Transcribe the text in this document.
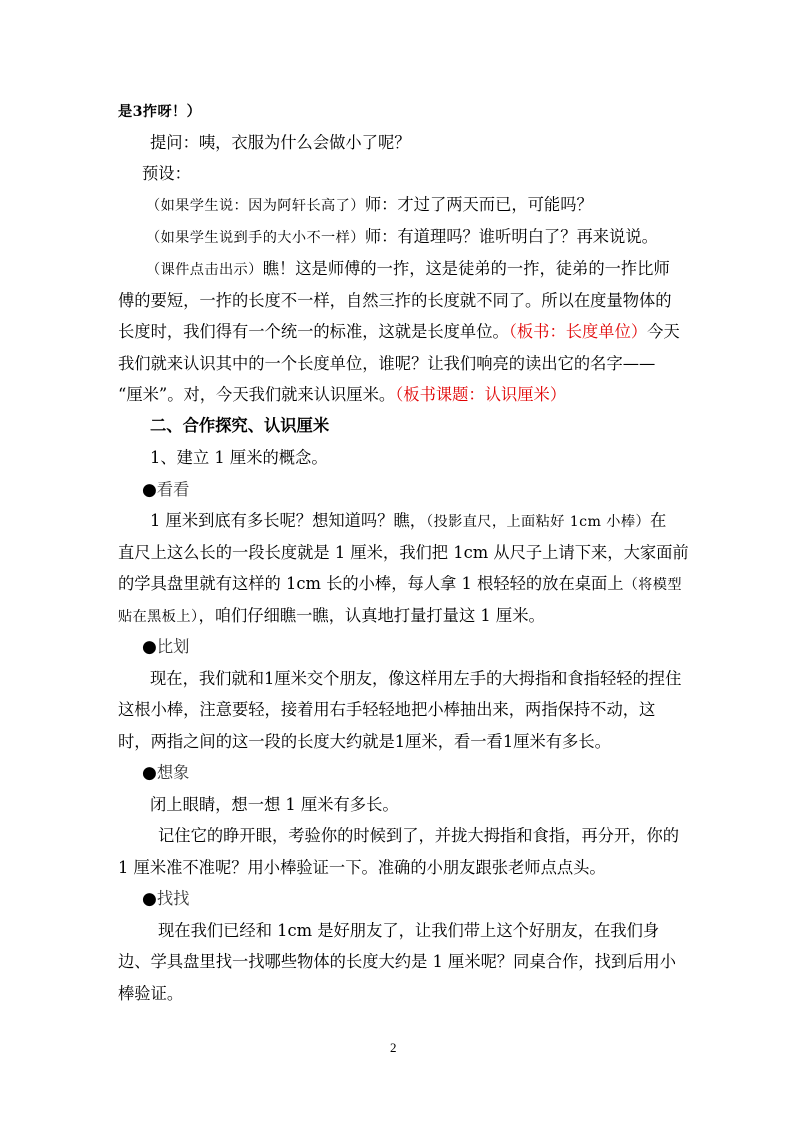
是3拃呀！）
提问：咦，衣服为什么会做小了呢？
预设：
（如果学生说：因为阿轩长高了）师：才过了两天而已，可能吗？
（如果学生说到手的大小不一样）师：有道理吗？谁听明白了？再来说说。
（课件点击出示）瞧！这是师傅的一拃，这是徒弟的一拃，徒弟的一拃比师
傅的要短，一拃的长度不一样，自然三拃的长度就不同了。所以在度量物体的
长度时，我们得有一个统一的标准，这就是长度单位。（板书：长度单位）今天
我们就来认识其中的一个长度单位，谁呢？让我们响亮的读出它的名字——
“厘米”。对，今天我们就来认识厘米。（板书课题：认识厘米）
二、合作探究、认识厘米
1、建立 1 厘米的概念。
●看看
1 厘米到底有多长呢？想知道吗？瞧，（投影直尺，上面粘好 1cm 小棒）在
直尺上这么长的一段长度就是 1 厘米，我们把 1cm 从尺子上请下来，大家面前
的学具盘里就有这样的 1cm 长的小棒，每人拿 1 根轻轻的放在桌面上（将模型
贴在黑板上），咱们仔细瞧一瞧，认真地打量打量这 1 厘米。
●比划
现在，我们就和1厘米交个朋友，像这样用左手的大拇指和食指轻轻的捏住
这根小棒，注意要轻，接着用右手轻轻地把小棒抽出来，两指保持不动，这
时，两指之间的这一段的长度大约就是1厘米，看一看1厘米有多长。
●想象
闭上眼睛，想一想 1 厘米有多长。
记住它的睁开眼，考验你的时候到了，并拢大拇指和食指，再分开，你的
1 厘米准不准呢？用小棒验证一下。准确的小朋友跟张老师点点头。
●找找
现在我们已经和 1cm 是好朋友了，让我们带上这个好朋友，在我们身
边、学具盘里找一找哪些物体的长度大约是 1 厘米呢？同桌合作，找到后用小
棒验证。
2
